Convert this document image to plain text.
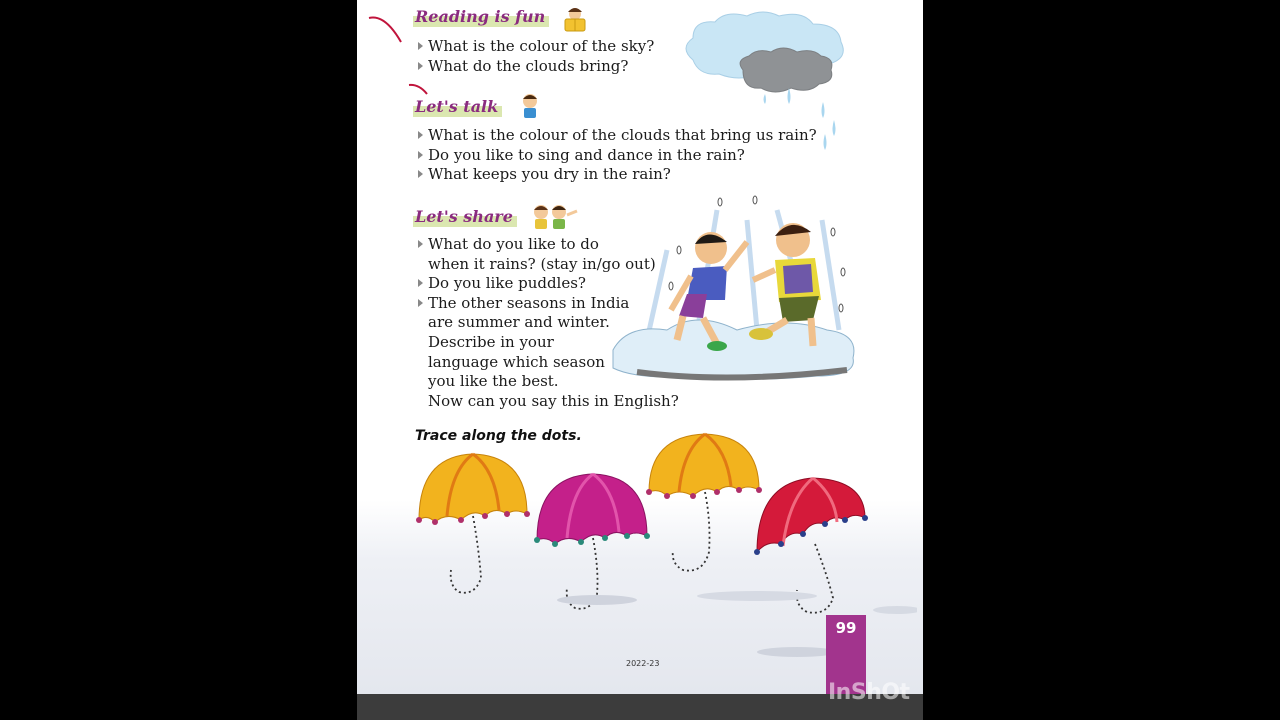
Reading is fun
What is the colour of the sky?
What do the clouds bring?
Let's talk
What is the colour of the clouds that bring us rain?
Do you like to sing and dance in the rain?
What keeps you dry in the rain?
Let's share
What do you like to do
when it rains? (stay in/go out)
Do you like puddles?
The other seasons in India
are summer and winter.
Describe in your
language which season
you like the best.
Now can you say this in English?
Trace along the dots.
99
2022-23
InShOt
